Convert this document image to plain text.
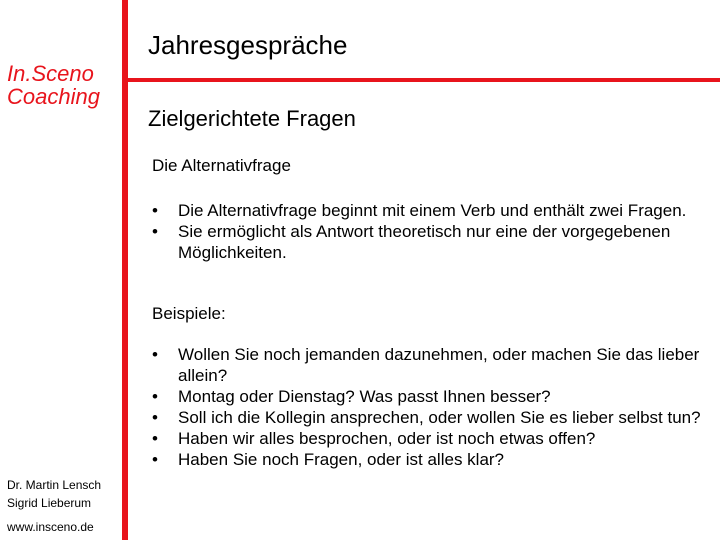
In.Sceno
Coaching
Dr. Martin Lensch
Sigrid Lieberum
www.insceno.de
Jahresgespräche
Zielgerichtete Fragen
Die Alternativfrage
• Die Alternativfrage beginnt mit einem Verb und enthält zwei Fragen.
• Sie ermöglicht als Antwort theoretisch nur eine der vorgegebenen Möglichkeiten.
Beispiele:
• Wollen Sie noch jemanden dazunehmen, oder machen Sie das lieber allein?
• Montag oder Dienstag? Was passt Ihnen besser?
• Soll ich die Kollegin ansprechen, oder wollen Sie es lieber selbst tun?
• Haben wir alles besprochen, oder ist noch etwas offen?
• Haben Sie noch Fragen, oder ist alles klar?
